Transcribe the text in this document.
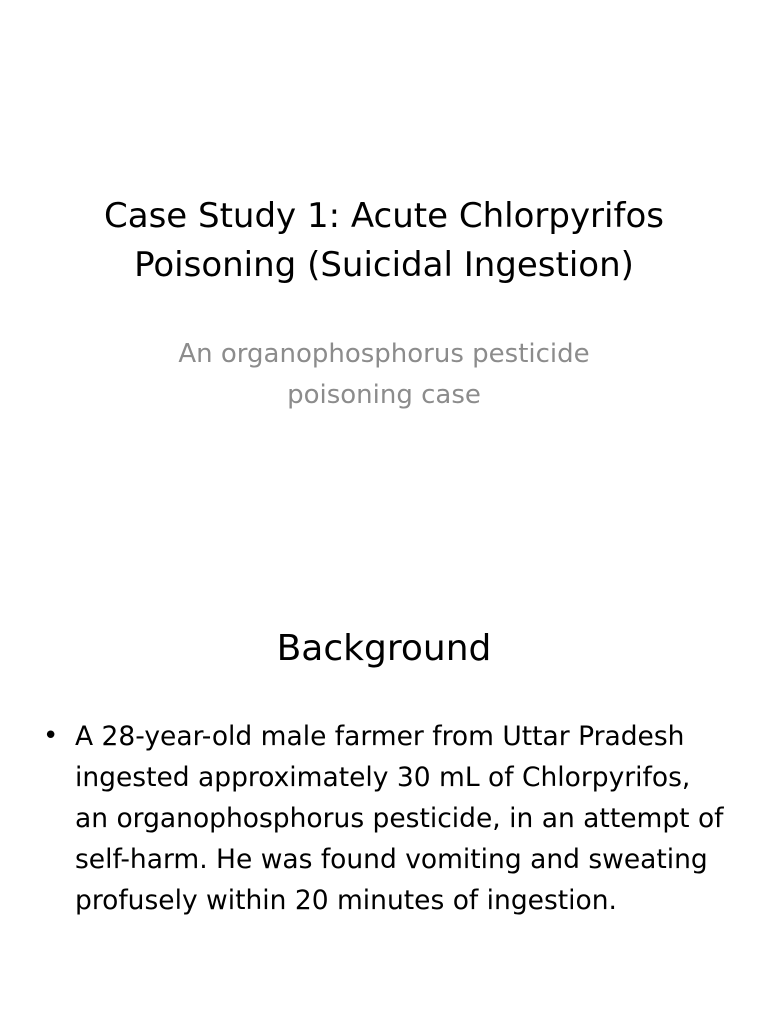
Case Study 1: Acute Chlorpyrifos Poisoning (Suicidal Ingestion)

An organophosphorus pesticide poisoning case

Background
• A 28-year-old male farmer from Uttar Pradesh ingested approximately 30 mL of Chlorpyrifos, an organophosphorus pesticide, in an attempt of self-harm. He was found vomiting and sweating profusely within 20 minutes of ingestion.
